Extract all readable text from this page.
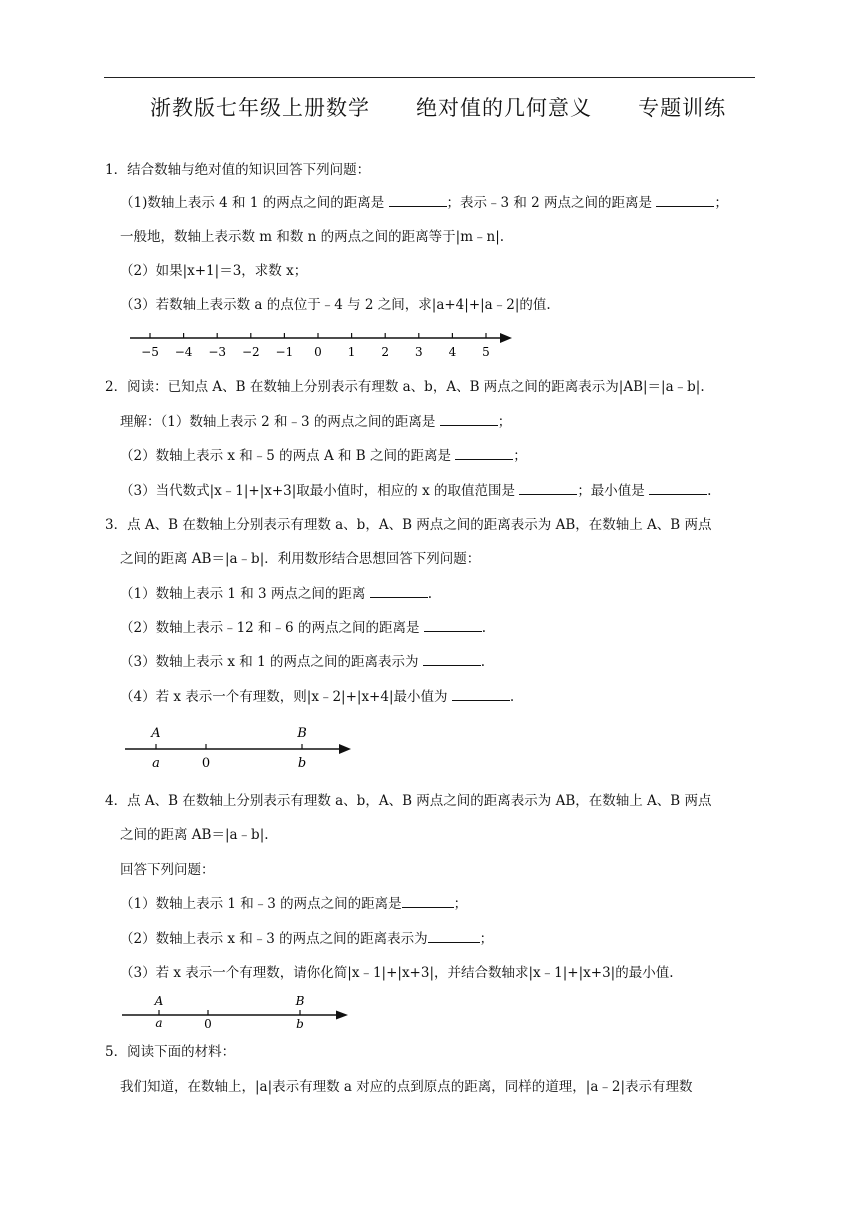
浙教版七年级上册数学      绝对值的几何意义      专题训练
1．结合数轴与绝对值的知识回答下列问题：
（1)数轴上表示 4 和 1 的两点之间的距离是	；表示﹣3 和 2 两点之间的距离是	；
一般地，数轴上表示数 m 和数 n 的两点之间的距离等于|m﹣n|.
（2）如果|x+1|＝3，求数 x；
（3）若数轴上表示数 a 的点位于﹣4 与 2 之间，求|a+4|+|a﹣2|的值.
−5 −4 −3 −2 −1 0 1 2 3 4 5
2．阅读：已知点 A、B 在数轴上分别表示有理数 a、b，A、B 两点之间的距离表示为|AB|＝|a﹣b|.
理解：（1）数轴上表示 2 和﹣3 的两点之间的距离是	；
（2）数轴上表示 x 和﹣5 的两点 A 和 B 之间的距离是	；
（3）当代数式|x﹣1|+|x+3|取最小值时，相应的 x 的取值范围是	；最小值是	.
3．点 A、B 在数轴上分别表示有理数 a、b，A、B 两点之间的距离表示为 AB，在数轴上 A、B 两点
之间的距离 AB＝|a﹣b|．利用数形结合思想回答下列问题：
（1）数轴上表示 1 和 3 两点之间的距离	.
（2）数轴上表示﹣12 和﹣6 的两点之间的距离是	.
（3）数轴上表示 x 和 1 的两点之间的距离表示为	.
（4）若 x 表示一个有理数，则|x﹣2|+|x+4|最小值为	.
A	B
a	0	b
4．点 A、B 在数轴上分别表示有理数 a、b，A、B 两点之间的距离表示为 AB，在数轴上 A、B 两点
之间的距离 AB＝|a﹣b|.
回答下列问题：
（1）数轴上表示 1 和﹣3 的两点之间的距离是	；
（2）数轴上表示 x 和﹣3 的两点之间的距离表示为	；
（3）若 x 表示一个有理数，请你化简|x﹣1|+|x+3|，并结合数轴求|x﹣1|+|x+3|的最小值.
A	B
a	0	b
5．阅读下面的材料：
我们知道，在数轴上，|a|表示有理数 a 对应的点到原点的距离，同样的道理，|a﹣2|表示有理数
